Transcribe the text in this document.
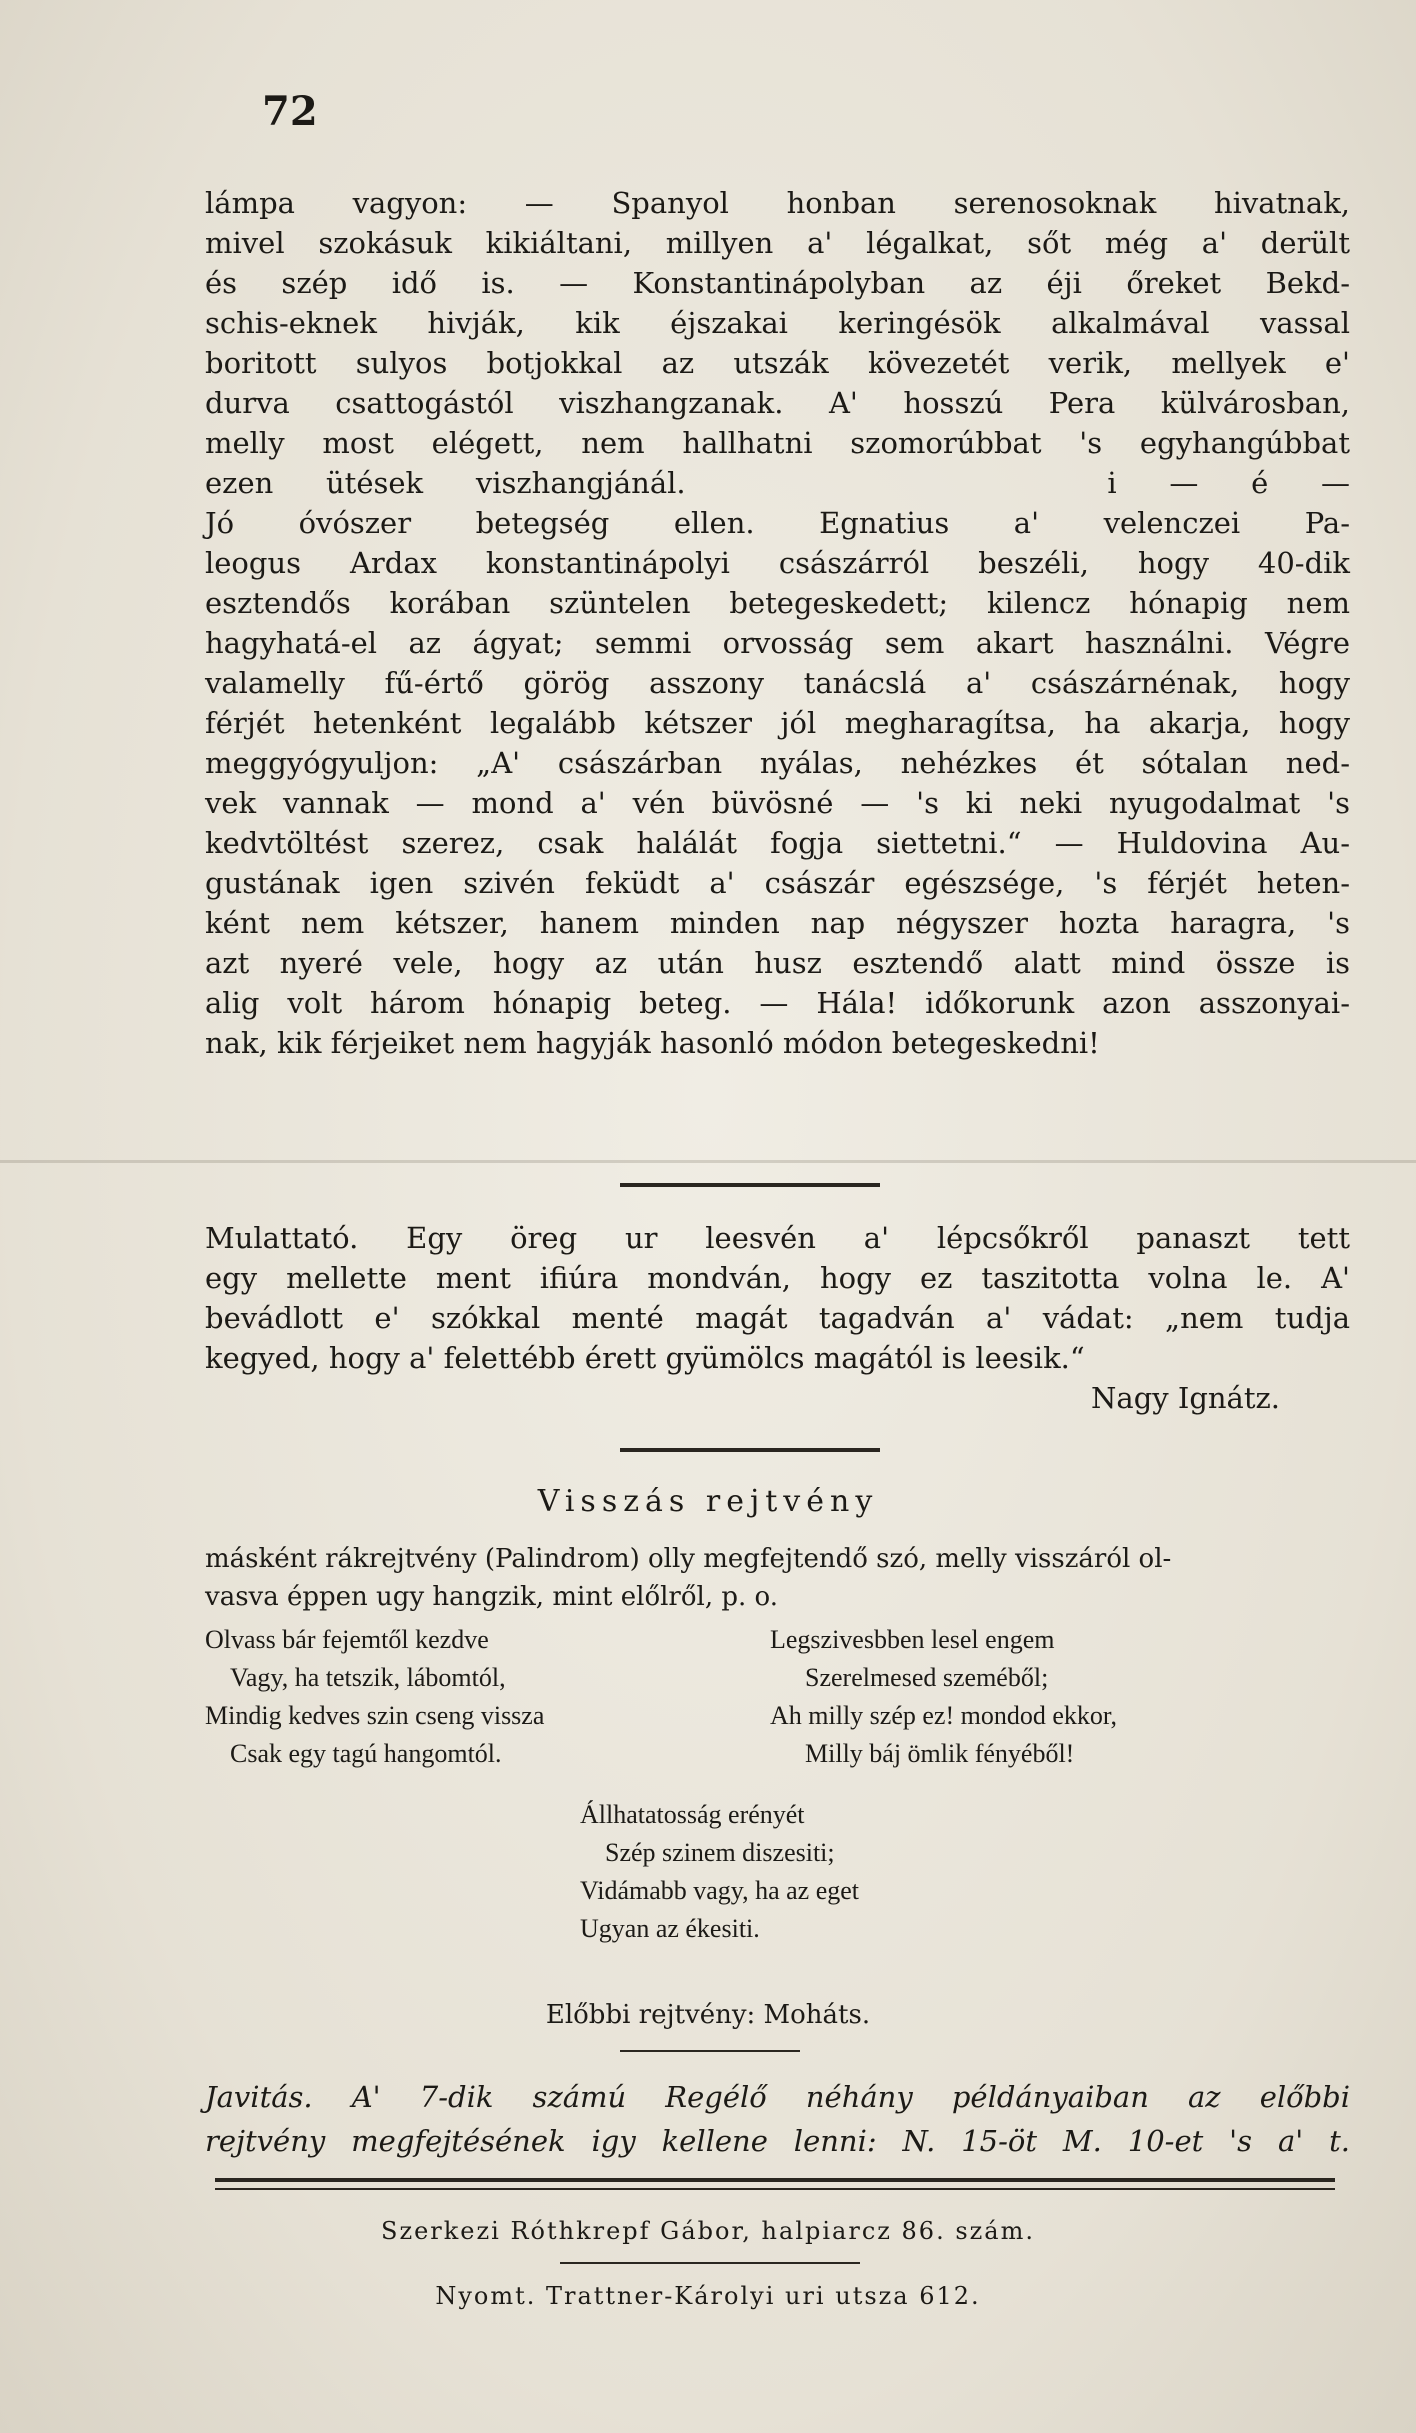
72
lámpa vagyon: — Spanyol honban serenosoknak hivatnak,
mivel szokásuk kikiáltani, millyen a' légalkat, sőt még a' derült
és szép idő is. — Konstantinápolyban az éji őreket Bekd-
schis-eknek hivják, kik éjszakai keringésök alkalmával vassal
boritott sulyos botjokkal az utszák kövezetét verik, mellyek e'
durva csattogástól viszhangzanak. A' hosszú Pera külvárosban,
melly most elégett, nem hallhatni szomorúbbat 's egyhangúbbat
ezen ütések viszhangjánál.        i — é —
Jó óvószer betegség ellen. Egnatius a' velenczei Pa-
leogus Ardax konstantinápolyi császárról beszéli, hogy 40-dik
esztendős korában szüntelen betegeskedett; kilencz hónapig nem
hagyhatá-el az ágyat; semmi orvosság sem akart használni. Végre
valamelly fű-értő görög asszony tanácslá a' császárnénak, hogy
férjét hetenként legalább kétszer jól megharagítsa, ha akarja, hogy
meggyógyuljon: „A' császárban nyálas, nehézkes ét sótalan ned-
vek vannak — mond a' vén büvösné — 's ki neki nyugodalmat 's
kedvtöltést szerez, csak halálát fogja siettetni.“ — Huldovina Au-
gustának igen szivén feküdt a' császár egészsége, 's férjét heten-
ként nem kétszer, hanem minden nap négyszer hozta haragra, 's
azt nyeré vele, hogy az után husz esztendő alatt mind össze is
alig volt három hónapig beteg. — Hála! időkorunk azon asszonyai-
nak, kik férjeiket nem hagyják hasonló módon betegeskedni!
Mulattató. Egy öreg ur leesvén a' lépcsőkről panaszt tett
egy mellette ment ifiúra mondván, hogy ez taszitotta volna le. A'
bevádlott e' szókkal menté magát tagadván a' vádat: „nem tudja
kegyed, hogy a' felettébb érett gyümölcs magától is leesik.“
Nagy Ignátz.
Visszás rejtvény
másként rákrejtvény (Palindrom) olly megfejtendő szó, melly visszáról ol-
vasva éppen ugy hangzik, mint előlről, p. o.
Olvass bár fejemtől kezdve
Vagy, ha tetszik, lábomtól,
Mindig kedves szin cseng vissza
Csak egy tagú hangomtól.
Legszivesbben lesel engem
Szerelmesed szeméből;
Ah milly szép ez! mondod ekkor,
Milly báj ömlik fényéből!
Állhatatosság erényét
Szép szinem diszesiti;
Vidámabb vagy, ha az eget
Ugyan az ékesiti.
Előbbi rejtvény: Moháts.
Javitás. A' 7-dik számú Regélő néhány példányaiban az előbbi
rejtvény megfejtésének igy kellene lenni: N. 15-öt M. 10-et 's a' t.
Szerkezi Róthkrepf Gábor, halpiarcz 86. szám.
Nyomt. Trattner-Károlyi uri utsza 612.
